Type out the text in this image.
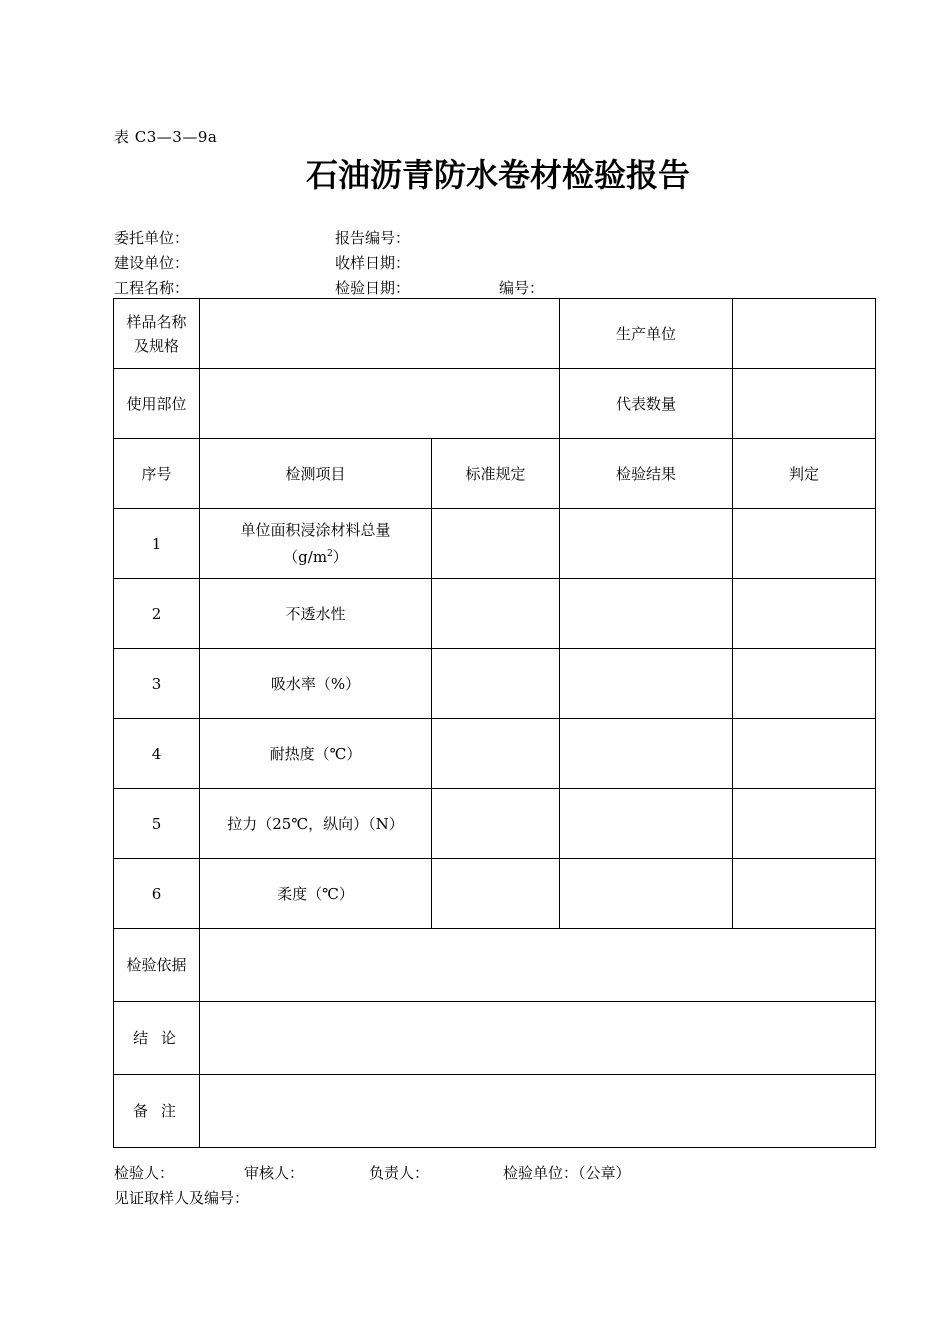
表 C3—3—9a
石油沥青防水卷材检验报告
委托单位：	报告编号：
建设单位：	收样日期：
工程名称：	检验日期：	编号：
样品名称
及规格			生产单位	
使用部位			代表数量	
序号	检测项目	标准规定	检验结果	判定
1	单位面积浸涂材料总量
$(g/m^2)$			

2	不透水性			
3	吸水率（%）			
4	耐热度（℃）			
5	拉力（25℃，纵向）（N）			
6	柔度（℃）			
检验依据				
结 论				
备 注				
检验人：	审核人：	负责人：	检验单位：（公章）
见证取样人及编号：
